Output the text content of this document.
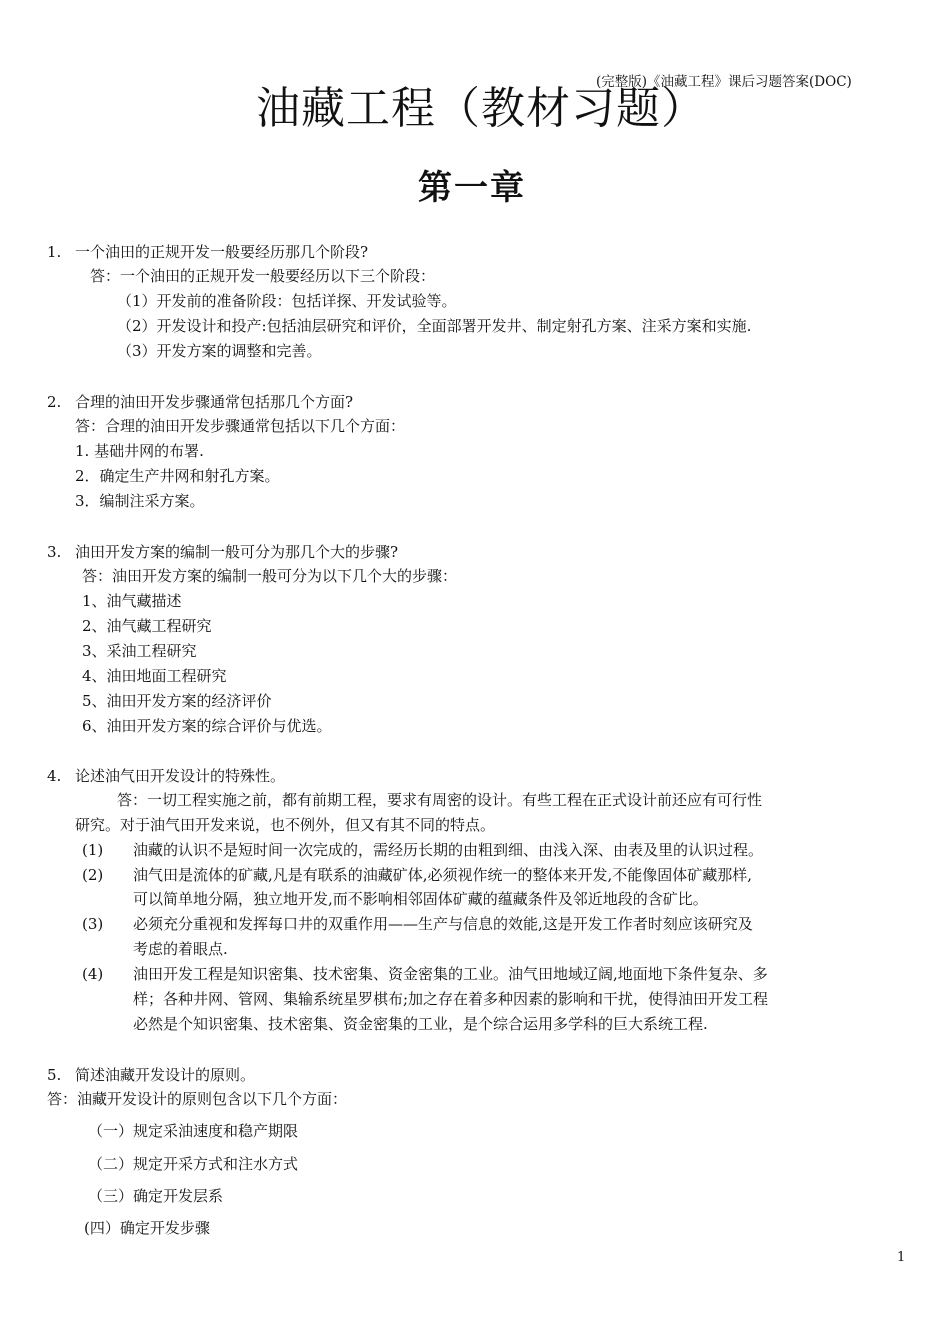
(完整版)《油藏工程》课后习题答案(DOC)
油藏工程（教材习题）
第一章
1. 一个油田的正规开发一般要经历那几个阶段?
答：一个油田的正规开发一般要经历以下三个阶段：
（1）开发前的准备阶段：包括详探、开发试验等。
（2）开发设计和投产:包括油层研究和评价，全面部署开发井、制定射孔方案、注采方案和实施.
（3）开发方案的调整和完善。
2. 合理的油田开发步骤通常包括那几个方面?
答：合理的油田开发步骤通常包括以下几个方面：
1. 基础井网的布署.
2．确定生产井网和射孔方案。
3．编制注采方案。
3. 油田开发方案的编制一般可分为那几个大的步骤?
答：油田开发方案的编制一般可分为以下几个大的步骤：
1、油气藏描述
2、油气藏工程研究
3、采油工程研究
4、油田地面工程研究
5、油田开发方案的经济评价
6、油田开发方案的综合评价与优选。
4. 论述油气田开发设计的特殊性。
答：一切工程实施之前，都有前期工程，要求有周密的设计。有些工程在正式设计前还应有可行性
研究。对于油气田开发来说，也不例外，但又有其不同的特点。
(1) 油藏的认识不是短时间一次完成的，需经历长期的由粗到细、由浅入深、由表及里的认识过程。
(2) 油气田是流体的矿藏,凡是有联系的油藏矿体,必须视作统一的整体来开发,不能像固体矿藏那样,
可以简单地分隔，独立地开发,而不影响相邻固体矿藏的蕴藏条件及邻近地段的含矿比。
(3) 必须充分重视和发挥每口井的双重作用——生产与信息的效能,这是开发工作者时刻应该研究及
考虑的着眼点.
(4) 油田开发工程是知识密集、技术密集、资金密集的工业。油气田地域辽阔,地面地下条件复杂、多
样；各种井网、管网、集输系统星罗棋布;加之存在着多种因素的影响和干扰，使得油田开发工程
必然是个知识密集、技术密集、资金密集的工业，是个综合运用多学科的巨大系统工程.
5. 简述油藏开发设计的原则。
答：油藏开发设计的原则包含以下几个方面：
（一）规定采油速度和稳产期限
（二）规定开采方式和注水方式
（三）确定开发层系
(四）确定开发步骤
1
